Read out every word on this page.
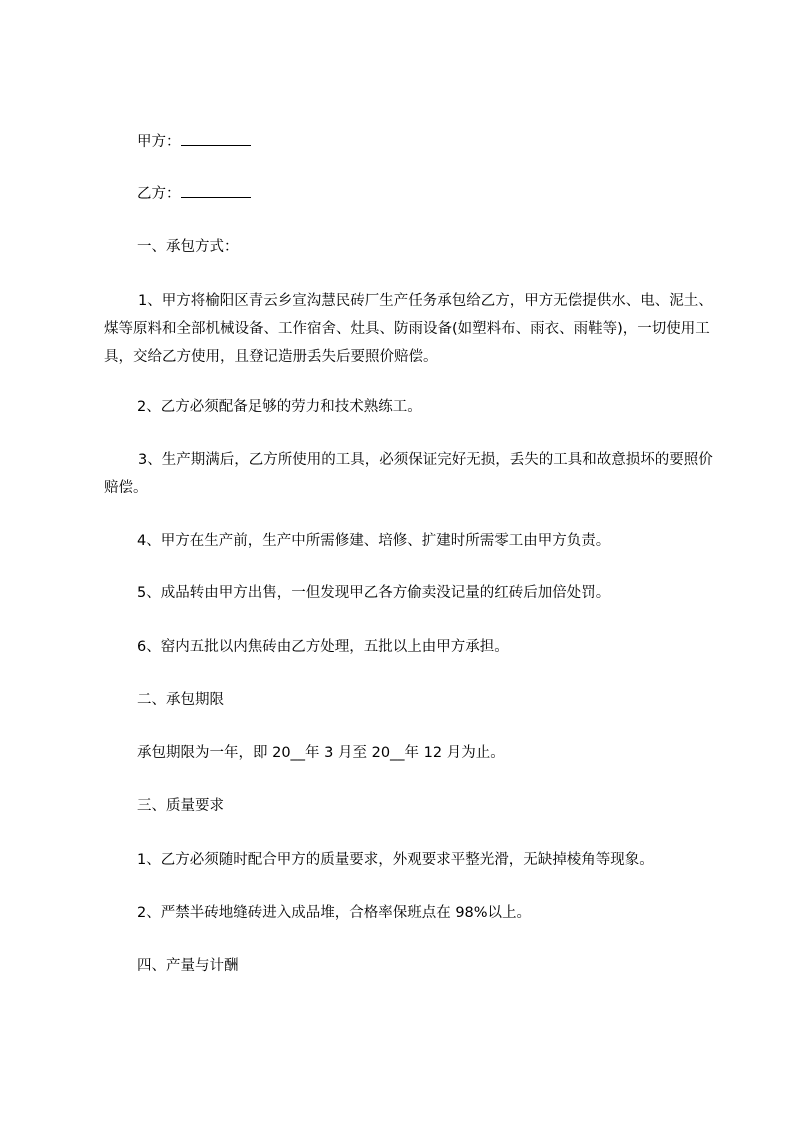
甲方：

乙方：

一、承包方式：

1、甲方将榆阳区青云乡宣沟慧民砖厂生产任务承包给乙方，甲方无偿提供水、电、泥土、煤等原料和全部机械设备、工作宿舍、灶具、防雨设备(如塑料布、雨衣、雨鞋等)，一切使用工具，交给乙方使用，且登记造册丢失后要照价赔偿。

2、乙方必须配备足够的劳力和技术熟练工。

3、生产期满后，乙方所使用的工具，必须保证完好无损，丢失的工具和故意损坏的要照价赔偿。

4、甲方在生产前，生产中所需修建、培修、扩建时所需零工由甲方负责。

5、成品转由甲方出售，一但发现甲乙各方偷卖没记量的红砖后加倍处罚。

6、窑内五批以内焦砖由乙方处理，五批以上由甲方承担。

二、承包期限

承包期限为一年，即 20__年 3 月至 20__年 12 月为止。

三、质量要求

1、乙方必须随时配合甲方的质量要求，外观要求平整光滑，无缺掉棱角等现象。

2、严禁半砖地缝砖进入成品堆，合格率保班点在 98%以上。

四、产量与计酬
